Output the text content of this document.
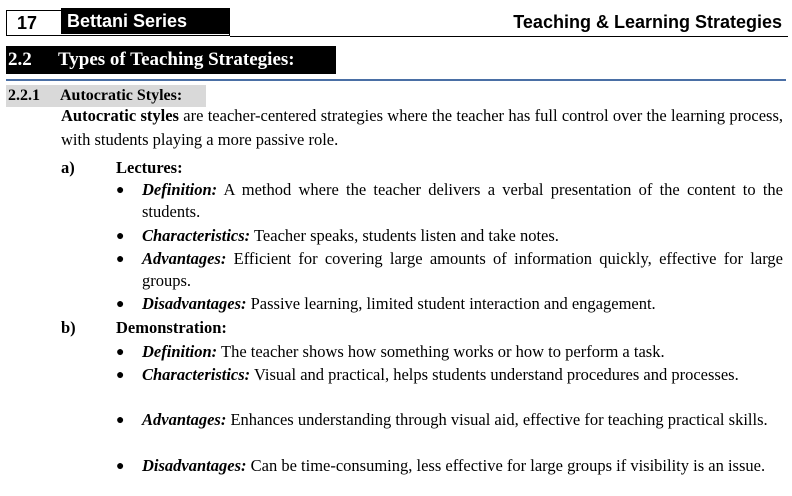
17	Bettani Series	Teaching & Learning Strategies
2.2 Types of Teaching Strategies:
2.2.1 Autocratic Styles:
Autocratic styles are teacher-centered strategies where the teacher has full control over the learning process, with students playing a more passive role.
a)	Lectures:
● Definition: A method where the teacher delivers a verbal presentation of the content to the students.
● Characteristics: Teacher speaks, students listen and take notes.
● Advantages: Efficient for covering large amounts of information quickly, effective for large groups.
● Disadvantages: Passive learning, limited student interaction and engagement.
b) Demonstration:
● Definition: The teacher shows how something works or how to perform a task.
● Characteristics: Visual and practical, helps students understand procedures and processes.
● Advantages: Enhances understanding through visual aid, effective for teaching practical skills.
● Disadvantages: Can be time-consuming, less effective for large groups if visibility is an issue.
